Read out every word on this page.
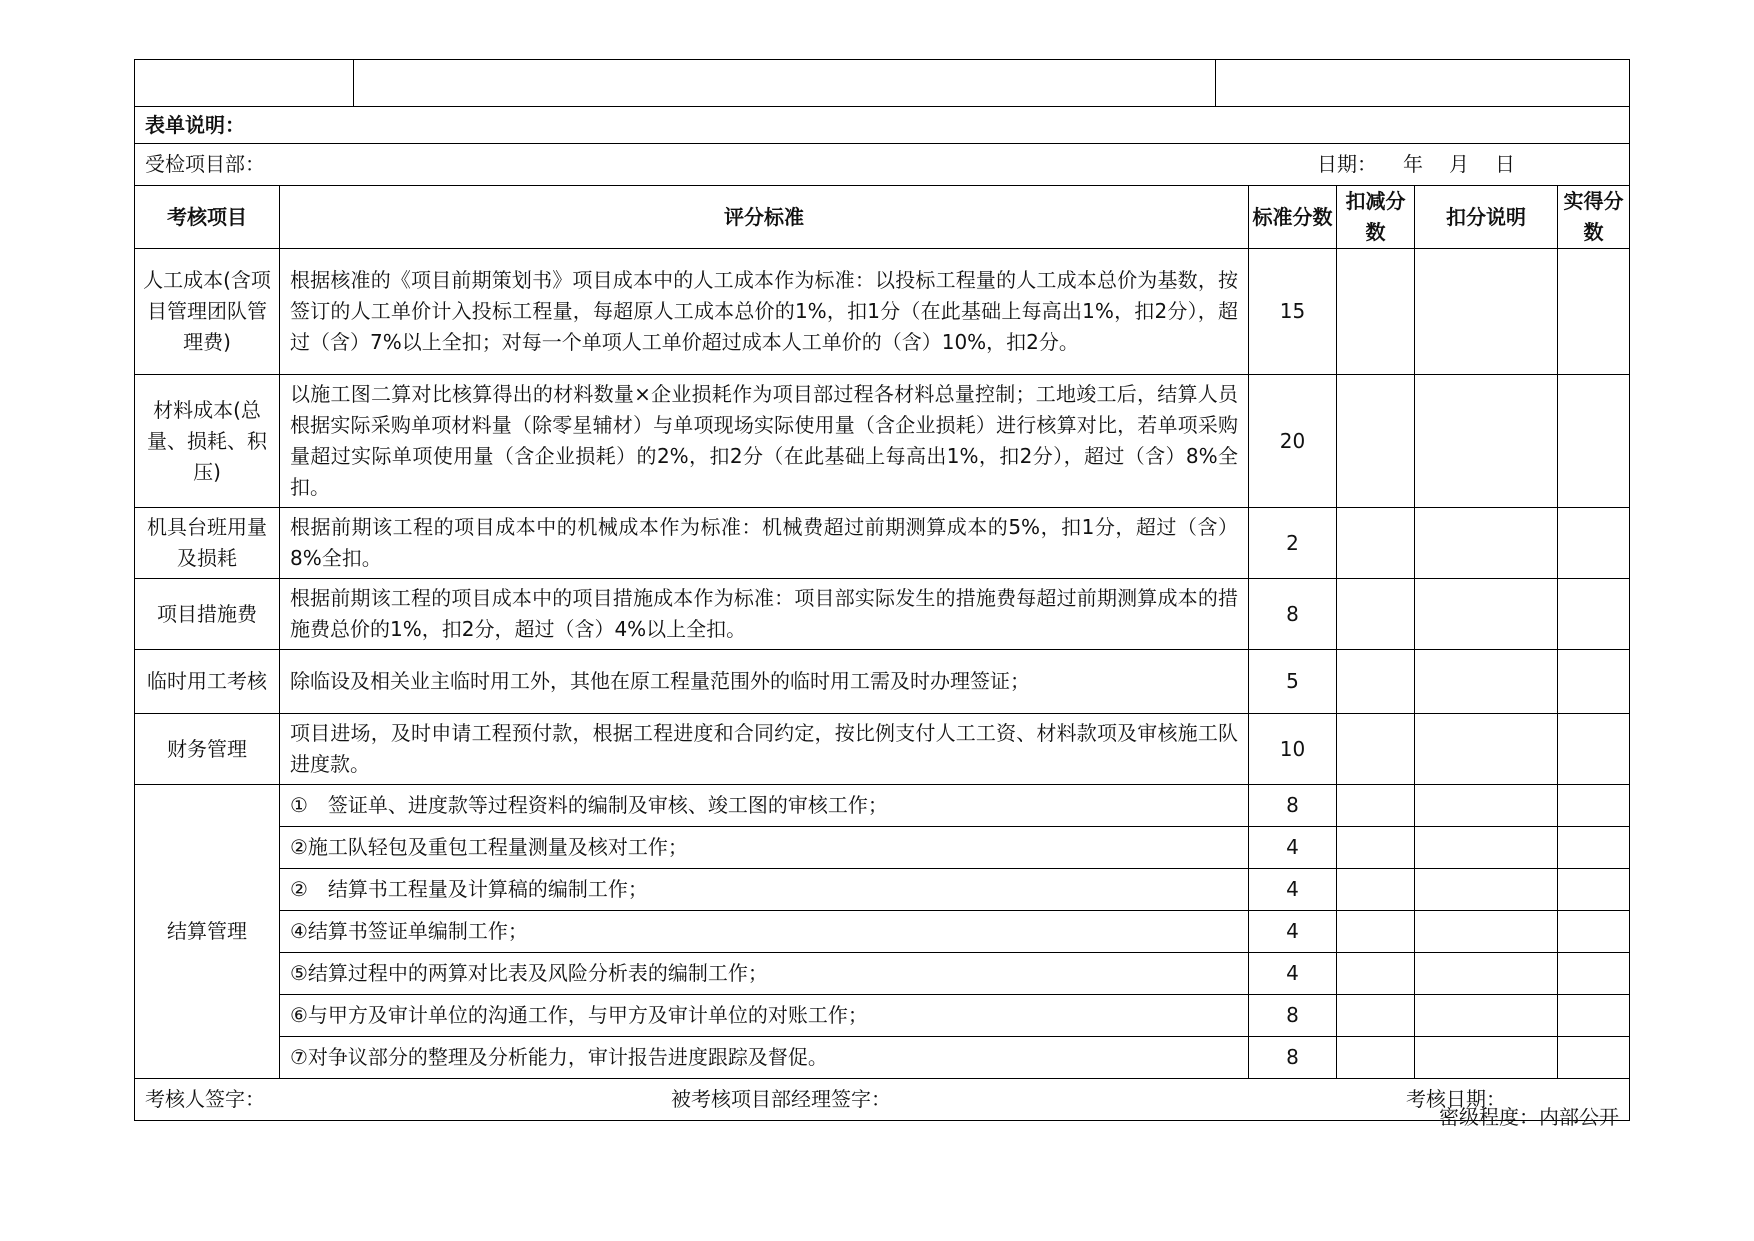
表单说明：					

受检项目部： 日期： 年 月 日					

考核项目	评分标准	标准分数	扣减分数	扣分说明	实得分数
人工成本(含项目管理团队管理费)	根据核准的《项目前期策划书》项目成本中的人工成本作为标准：以投标工程量的人工成本总价为基数，按签订的人工单价计入投标工程量，每超原人工成本总价的1%，扣1分（在此基础上每高出1%，扣2分），超过（含）7%以上全扣；对每一个单项人工单价超过成本人工单价的（含）10%，扣2分。	15			
材料成本(总量、损耗、积压)	以施工图二算对比核算得出的材料数量×企业损耗作为项目部过程各材料总量控制；工地竣工后，结算人员根据实际采购单项材料量（除零星辅材）与单项现场实际使用量（含企业损耗）进行核算对比，若单项采购量超过实际单项使用量（含企业损耗）的2%，扣2分（在此基础上每高出1%，扣2分），超过（含）8%全扣。	20			
机具台班用量及损耗	根据前期该工程的项目成本中的机械成本作为标准：机械费超过前期测算成本的5%，扣1分，超过（含）8%全扣。	2			
项目措施费	根据前期该工程的项目成本中的项目措施成本作为标准：项目部实际发生的措施费每超过前期测算成本的措施费总价的1%，扣2分，超过（含）4%以上全扣。	8			
临时用工考核	除临设及相关业主临时用工外，其他在原工程量范围外的临时用工需及时办理签证；	5			
财务管理	项目进场，及时申请工程预付款，根据工程进度和合同约定，按比例支付人工工资、材料款项及审核施工队进度款。	10			
结算管理	①　签证单、进度款等过程资料的编制及审核、竣工图的审核工作；	8			
	②施工队轻包及重包工程量测量及核对工作；	4			
	②　结算书工程量及计算稿的编制工作；	4			
	④结算书签证单编制工作；	4			
	⑤结算过程中的两算对比表及风险分析表的编制工作；	4			
	⑥与甲方及审计单位的沟通工作，与甲方及审计单位的对账工作；	8			
	⑦对争议部分的整理及分析能力，审计报告进度跟踪及督促。	8			

考核人签字： 被考核项目部经理签字： 考核日期：					
密级程度：内部公开
